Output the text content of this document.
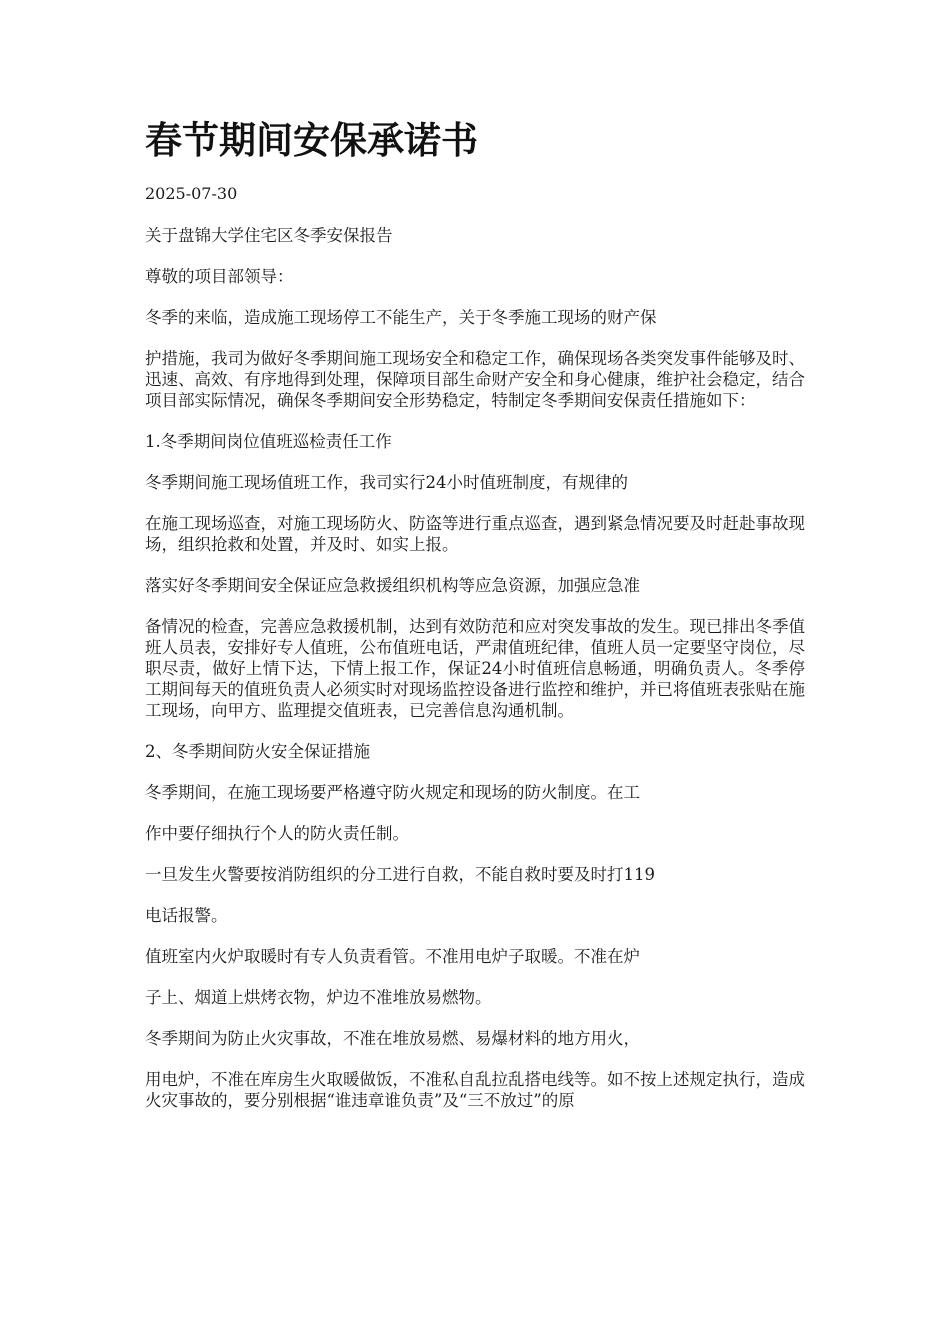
春节期间安保承诺书
2025-07-30

关于盘锦大学住宅区冬季安保报告

尊敬的项目部领导：

冬季的来临，造成施工现场停工不能生产，关于冬季施工现场的财产保

护措施，我司为做好冬季期间施工现场安全和稳定工作，确保现场各类突发事件能够及时、迅速、高效、有序地得到处理，保障项目部生命财产安全和身心健康，维护社会稳定，结合项目部实际情况，确保冬季期间安全形势稳定，特制定冬季期间安保责任措施如下：

1.冬季期间岗位值班巡检责任工作

冬季期间施工现场值班工作，我司实行24小时值班制度，有规律的

在施工现场巡查，对施工现场防火、防盗等进行重点巡查，遇到紧急情况要及时赶赴事故现场，组织抢救和处置，并及时、如实上报。

落实好冬季期间安全保证应急救援组织机构等应急资源，加强应急准

备情况的检查，完善应急救援机制，达到有效防范和应对突发事故的发生。现已排出冬季值班人员表，安排好专人值班，公布值班电话，严肃值班纪律，值班人员一定要坚守岗位，尽职尽责，做好上情下达，下情上报工作，保证24小时值班信息畅通，明确负责人。冬季停工期间每天的值班负责人必须实时对现场监控设备进行监控和维护，并已将值班表张贴在施工现场，向甲方、监理提交值班表，已完善信息沟通机制。

2、冬季期间防火安全保证措施

冬季期间，在施工现场要严格遵守防火规定和现场的防火制度。在工

作中要仔细执行个人的防火责任制。

一旦发生火警要按消防组织的分工进行自救，不能自救时要及时打119

电话报警。

值班室内火炉取暖时有专人负责看管。不准用电炉子取暖。不准在炉

子上、烟道上烘烤衣物，炉边不准堆放易燃物。

冬季期间为防止火灾事故，不准在堆放易燃、易爆材料的地方用火，

用电炉，不准在库房生火取暖做饭，不准私自乱拉乱搭电线等。如不按上述规定执行，造成火灾事故的，要分别根据“谁违章谁负责”及“三不放过”的原
